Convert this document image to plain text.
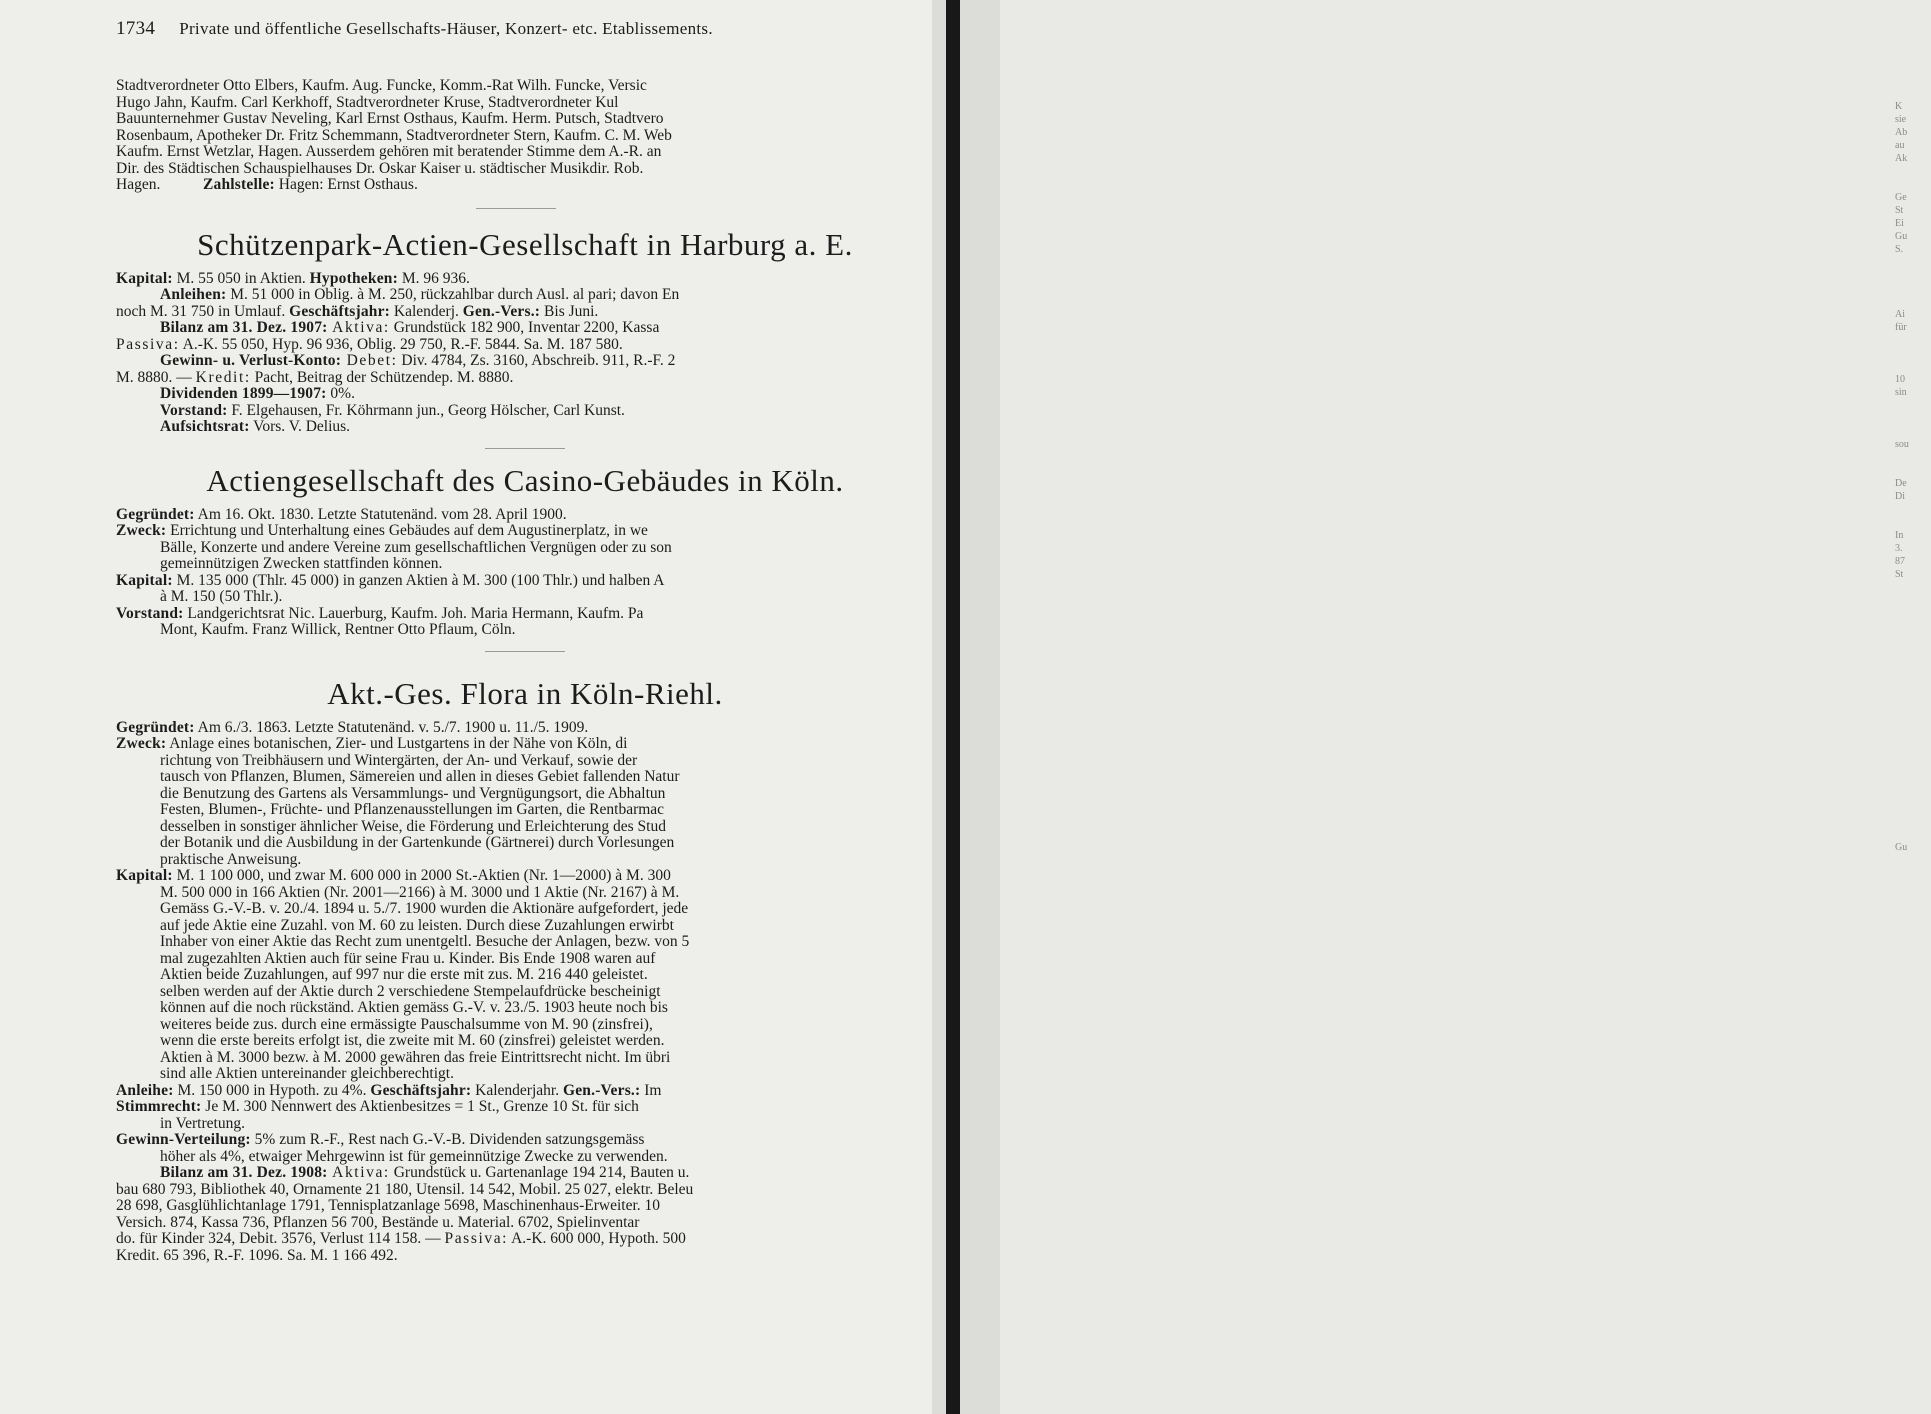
1734 Private und öffentliche Gesellschafts-Häuser, Konzert- etc. Etablissements.
Stadtverordneter Otto Elbers, Kaufm. Aug. Funcke, Komm.-Rat Wilh. Funcke, Versic
Hugo Jahn, Kaufm. Carl Kerkhoff, Stadtverordneter Kruse, Stadtverordneter Kul
Bauunternehmer Gustav Neveling, Karl Ernst Osthaus, Kaufm. Herm. Putsch, Stadtvero
Rosenbaum, Apotheker Dr. Fritz Schemmann, Stadtverordneter Stern, Kaufm. C. M. Web
Kaufm. Ernst Wetzlar, Hagen. Ausserdem gehören mit beratender Stimme dem A.-R. an
Dir. des Städtischen Schauspielhauses Dr. Oskar Kaiser u. städtischer Musikdir. Rob.
Hagen.	Zahlstelle: Hagen: Ernst Osthaus.
Schützenpark-Actien-Gesellschaft in Harburg a. E.
Kapital: M. 55 050 in Aktien. Hypotheken: M. 96 936.
Anleihen: M. 51 000 in Oblig. à M. 250, rückzahlbar durch Ausl. al pari; davon En
noch M. 31 750 in Umlauf. Geschäftsjahr: Kalenderj. Gen.-Vers.: Bis Juni.
Bilanz am 31. Dez. 1907: Aktiva: Grundstück 182 900, Inventar 2200, Kassa
Passiva: A.-K. 55 050, Hyp. 96 936, Oblig. 29 750, R.-F. 5844. Sa. M. 187 580.
Gewinn- u. Verlust-Konto: Debet: Div. 4784, Zs. 3160, Abschreib. 911, R.-F. 2
M. 8880. — Kredit: Pacht, Beitrag der Schützendep. M. 8880.
Dividenden 1899—1907: 0%.
Vorstand: F. Elgehausen, Fr. Köhrmann jun., Georg Hölscher, Carl Kunst.
Aufsichtsrat: Vors. V. Delius.
Actiengesellschaft des Casino-Gebäudes in Köln.
Gegründet: Am 16. Okt. 1830. Letzte Statutenänd. vom 28. April 1900.
Zweck: Errichtung und Unterhaltung eines Gebäudes auf dem Augustinerplatz, in we
Bälle, Konzerte und andere Vereine zum gesellschaftlichen Vergnügen oder zu son
gemeinnützigen Zwecken stattfinden können.
Kapital: M. 135 000 (Thlr. 45 000) in ganzen Aktien à M. 300 (100 Thlr.) und halben A
à M. 150 (50 Thlr.).
Vorstand: Landgerichtsrat Nic. Lauerburg, Kaufm. Joh. Maria Hermann, Kaufm. Pa
Mont, Kaufm. Franz Willick, Rentner Otto Pflaum, Cöln.
Akt.-Ges. Flora in Köln-Riehl.
Gegründet: Am 6./3. 1863. Letzte Statutenänd. v. 5./7. 1900 u. 11./5. 1909.
Zweck: Anlage eines botanischen, Zier- und Lustgartens in der Nähe von Köln, di
richtung von Treibhäusern und Wintergärten, der An- und Verkauf, sowie der
tausch von Pflanzen, Blumen, Sämereien und allen in dieses Gebiet fallenden Natur
die Benutzung des Gartens als Versammlungs- und Vergnügungsort, die Abhaltun
Festen, Blumen-, Früchte- und Pflanzenausstellungen im Garten, die Rentbarmac
desselben in sonstiger ähnlicher Weise, die Förderung und Erleichterung des Stud
der Botanik und die Ausbildung in der Gartenkunde (Gärtnerei) durch Vorlesungen
praktische Anweisung.
Kapital: M. 1 100 000, und zwar M. 600 000 in 2000 St.-Aktien (Nr. 1—2000) à M. 300
M. 500 000 in 166 Aktien (Nr. 2001—2166) à M. 3000 und 1 Aktie (Nr. 2167) à M.
Gemäss G.-V.-B. v. 20./4. 1894 u. 5./7. 1900 wurden die Aktionäre aufgefordert, jede
auf jede Aktie eine Zuzahl. von M. 60 zu leisten. Durch diese Zuzahlungen erwirbt
Inhaber von einer Aktie das Recht zum unentgeltl. Besuche der Anlagen, bezw. von 5
mal zugezahlten Aktien auch für seine Frau u. Kinder. Bis Ende 1908 waren auf
Aktien beide Zuzahlungen, auf 997 nur die erste mit zus. M. 216 440 geleistet.
selben werden auf der Aktie durch 2 verschiedene Stempelaufdrücke bescheinigt
können auf die noch rückständ. Aktien gemäss G.-V. v. 23./5. 1903 heute noch bis
weiteres beide zus. durch eine ermässigte Pauschalsumme von M. 90 (zinsfrei),
wenn die erste bereits erfolgt ist, die zweite mit M. 60 (zinsfrei) geleistet werden.
Aktien à M. 3000 bezw. à M. 2000 gewähren das freie Eintrittsrecht nicht. Im übri
sind alle Aktien untereinander gleichberechtigt.
Anleihe: M. 150 000 in Hypoth. zu 4%. Geschäftsjahr: Kalenderjahr. Gen.-Vers.: Im
Stimmrecht: Je M. 300 Nennwert des Aktienbesitzes = 1 St., Grenze 10 St. für sich
in Vertretung.
Gewinn-Verteilung: 5% zum R.-F., Rest nach G.-V.-B. Dividenden satzungsgemäss
höher als 4%, etwaiger Mehrgewinn ist für gemeinnützige Zwecke zu verwenden.
Bilanz am 31. Dez. 1908: Aktiva: Grundstück u. Gartenanlage 194 214, Bauten u.
bau 680 793, Bibliothek 40, Ornamente 21 180, Utensil. 14 542, Mobil. 25 027, elektr. Beleu
28 698, Gasglühlichtanlage 1791, Tennisplatzanlage 5698, Maschinenhaus-Erweiter. 10
Versich. 874, Kassa 736, Pflanzen 56 700, Bestände u. Material. 6702, Spielinventar
do. für Kinder 324, Debit. 3576, Verlust 114 158. — Passiva: A.-K. 600 000, Hypoth. 500
Kredit. 65 396, R.-F. 1096. Sa. M. 1 166 492.
K
sie
Ab
au
Ak

Ge
St
Ei
Gu
S.

Ai
für

10
sin

sou

De
Di

In
3.
87
St

Gu
